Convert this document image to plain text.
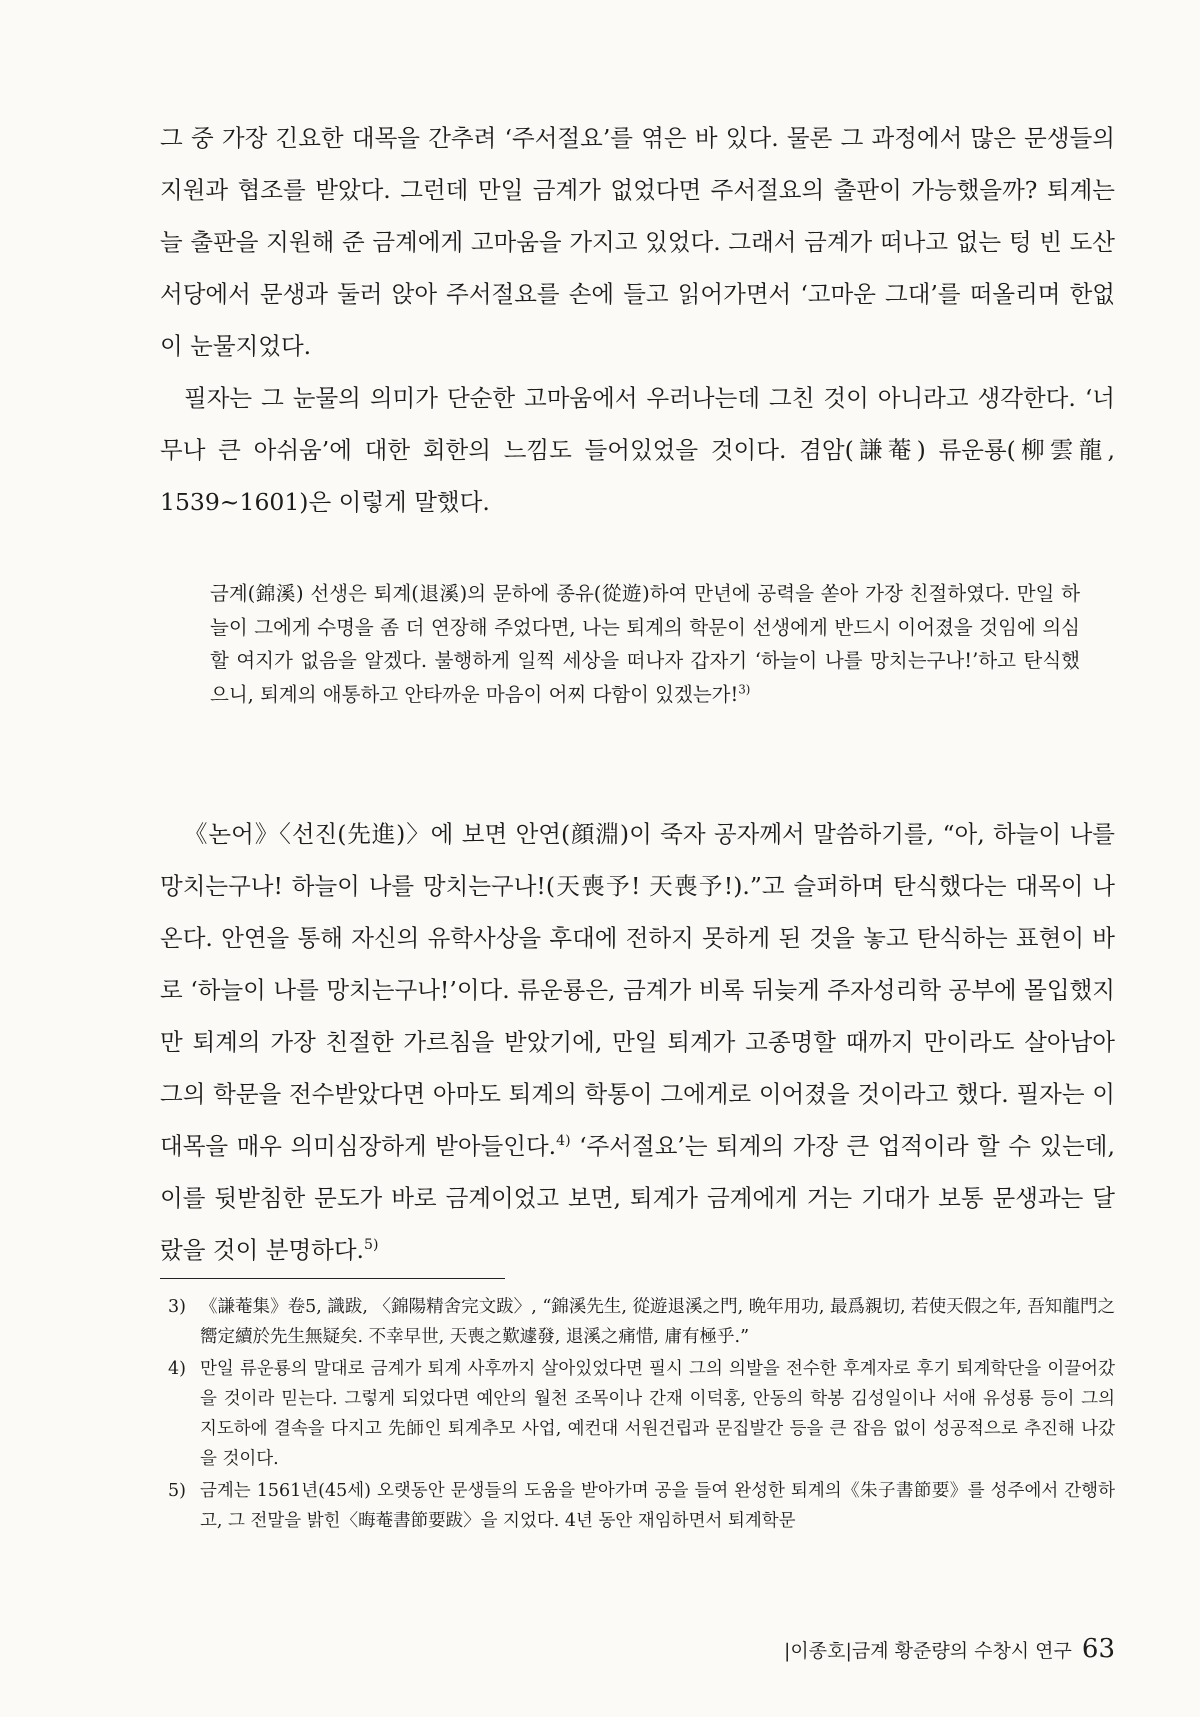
그 중 가장 긴요한 대목을 간추려 ‘주서절요’를 엮은 바 있다. 물론 그 과정에서 많은 문생들의 지원과 협조를 받았다. 그런데 만일 금계가 없었다면 주서절요의 출판이 가능했을까? 퇴계는 늘 출판을 지원해 준 금계에게 고마움을 가지고 있었다. 그래서 금계가 떠나고 없는 텅 빈 도산서당에서 문생과 둘러 앉아 주서절요를 손에 들고 읽어가면서 ‘고마운 그대’를 떠올리며 한없이 눈물지었다.

필자는 그 눈물의 의미가 단순한 고마움에서 우러나는데 그친 것이 아니라고 생각한다. ‘너무나 큰 아쉬움’에 대한 회한의 느낌도 들어있었을 것이다. 겸암(謙菴) 류운룡(柳雲龍, 1539~1601)은 이렇게 말했다.

금계(錦溪) 선생은 퇴계(退溪)의 문하에 종유(從遊)하여 만년에 공력을 쏟아 가장 친절하였다. 만일 하늘이 그에게 수명을 좀 더 연장해 주었다면, 나는 퇴계의 학문이 선생에게 반드시 이어졌을 것임에 의심할 여지가 없음을 알겠다. 불행하게 일찍 세상을 떠나자 갑자기 ‘하늘이 나를 망치는구나!’하고 탄식했으니, 퇴계의 애통하고 안타까운 마음이 어찌 다함이 있겠는가!$^{3)}$

《논어》〈선진(先進)〉에 보면 안연(顔淵)이 죽자 공자께서 말씀하기를, “아, 하늘이 나를 망치는구나! 하늘이 나를 망치는구나!(天喪予! 天喪予!).”고 슬퍼하며 탄식했다는 대목이 나온다. 안연을 통해 자신의 유학사상을 후대에 전하지 못하게 된 것을 놓고 탄식하는 표현이 바로 ‘하늘이 나를 망치는구나!’이다. 류운룡은, 금계가 비록 뒤늦게 주자성리학 공부에 몰입했지만 퇴계의 가장 친절한 가르침을 받았기에, 만일 퇴계가 고종명할 때까지 만이라도 살아남아 그의 학문을 전수받았다면 아마도 퇴계의 학통이 그에게로 이어졌을 것이라고 했다. 필자는 이 대목을 매우 의미심장하게 받아들인다.$^{4)}$ ‘주서절요’는 퇴계의 가장 큰 업적이라 할 수 있는데, 이를 뒷받침한 문도가 바로 금계이었고 보면, 퇴계가 금계에게 거는 기대가 보통 문생과는 달랐을 것이 분명하다.$^{5)}$

3) 《謙菴集》卷5, 識跋, 〈錦陽精舍完文跋〉, “錦溪先生, 從遊退溪之門, 晩年用功, 最爲親切, 若使天假之年, 吾知龍門之嚮定續於先生無疑矣. 不幸早世, 天喪之歎遽發, 退溪之痛惜, 庸有極乎.”
4) 만일 류운룡의 말대로 금계가 퇴계 사후까지 살아있었다면 필시 그의 의발을 전수한 후계자로 후기 퇴계학단을 이끌어갔을 것이라 믿는다. 그렇게 되었다면 예안의 월천 조목이나 간재 이덕홍, 안동의 학봉 김성일이나 서애 유성룡 등이 그의 지도하에 결속을 다지고 先師인 퇴계추모 사업, 예컨대 서원건립과 문집발간 등을 큰 잡음 없이 성공적으로 추진해 나갔을 것이다.
5) 금계는 1561년(45세) 오랫동안 문생들의 도움을 받아가며 공을 들여 완성한 퇴계의《朱子書節要》를 성주에서 간행하고, 그 전말을 밝힌〈晦菴書節要跋〉을 지었다. 4년 동안 재임하면서 퇴계학문
|이종호|금계 황준량의 수창시 연구 63
